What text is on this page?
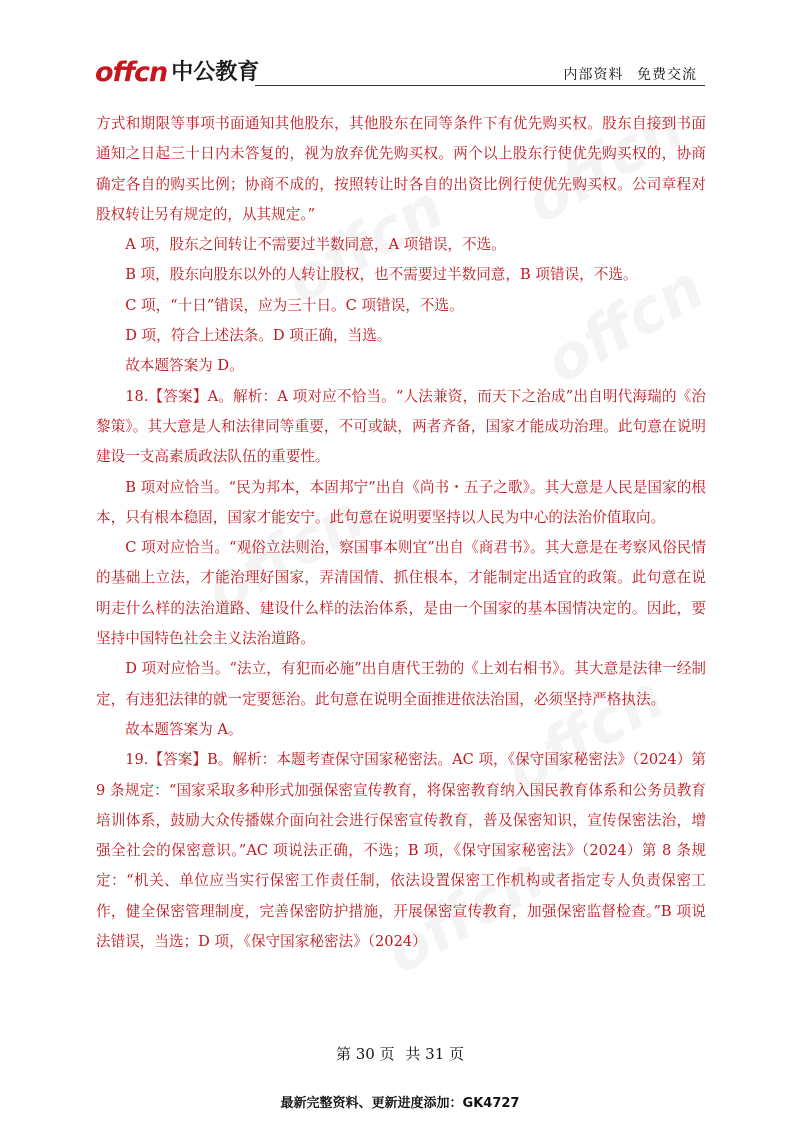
offcn 中公教育	内部资料 免费交流

方式和期限等事项书面通知其他股东，其他股东在同等条件下有优先购买权。股东自接到书面通知之日起三十日内未答复的，视为放弃优先购买权。两个以上股东行使优先购买权的，协商确定各自的购买比例；协商不成的，按照转让时各自的出资比例行使优先购买权。公司章程对股权转让另有规定的，从其规定。”

A 项，股东之间转让不需要过半数同意，A 项错误，不选。

B 项，股东向股东以外的人转让股权，也不需要过半数同意，B 项错误，不选。

C 项，“十日”错误，应为三十日。C 项错误，不选。

D 项，符合上述法条。D 项正确，当选。

故本题答案为 D。

18.【答案】A。解析：A 项对应不恰当。“人法兼资，而天下之治成”出自明代海瑞的《治黎策》。其大意是人和法律同等重要，不可或缺，两者齐备，国家才能成功治理。此句意在说明建设一支高素质政法队伍的重要性。

B 项对应恰当。“民为邦本，本固邦宁”出自《尚书・五子之歌》。其大意是人民是国家的根本，只有根本稳固，国家才能安宁。此句意在说明要坚持以人民为中心的法治价值取向。

C 项对应恰当。“观俗立法则治，察国事本则宜”出自《商君书》。其大意是在考察风俗民情的基础上立法，才能治理好国家，弄清国情、抓住根本，才能制定出适宜的政策。此句意在说明走什么样的法治道路、建设什么样的法治体系，是由一个国家的基本国情决定的。因此，要坚持中国特色社会主义法治道路。

D 项对应恰当。“法立，有犯而必施”出自唐代王勃的《上刘右相书》。其大意是法律一经制定，有违犯法律的就一定要惩治。此句意在说明全面推进依法治国，必须坚持严格执法。

故本题答案为 A。

19.【答案】B。解析：本题考查保守国家秘密法。AC 项，《保守国家秘密法》（2024）第 9 条规定：“国家采取多种形式加强保密宣传教育，将保密教育纳入国民教育体系和公务员教育培训体系，鼓励大众传播媒介面向社会进行保密宣传教育，普及保密知识，宣传保密法治，增强全社会的保密意识。”AC 项说法正确，不选；B 项，《保守国家秘密法》（2024）第 8 条规定：“机关、单位应当实行保密工作责任制，依法设置保密工作机构或者指定专人负责保密工作，健全保密管理制度，完善保密防护措施，开展保密宣传教育，加强保密监督检查。”B 项说法错误，当选；D 项，《保守国家秘密法》（2024）

第 30 页 共 31 页
最新完整资料、更新进度添加：GK4727
